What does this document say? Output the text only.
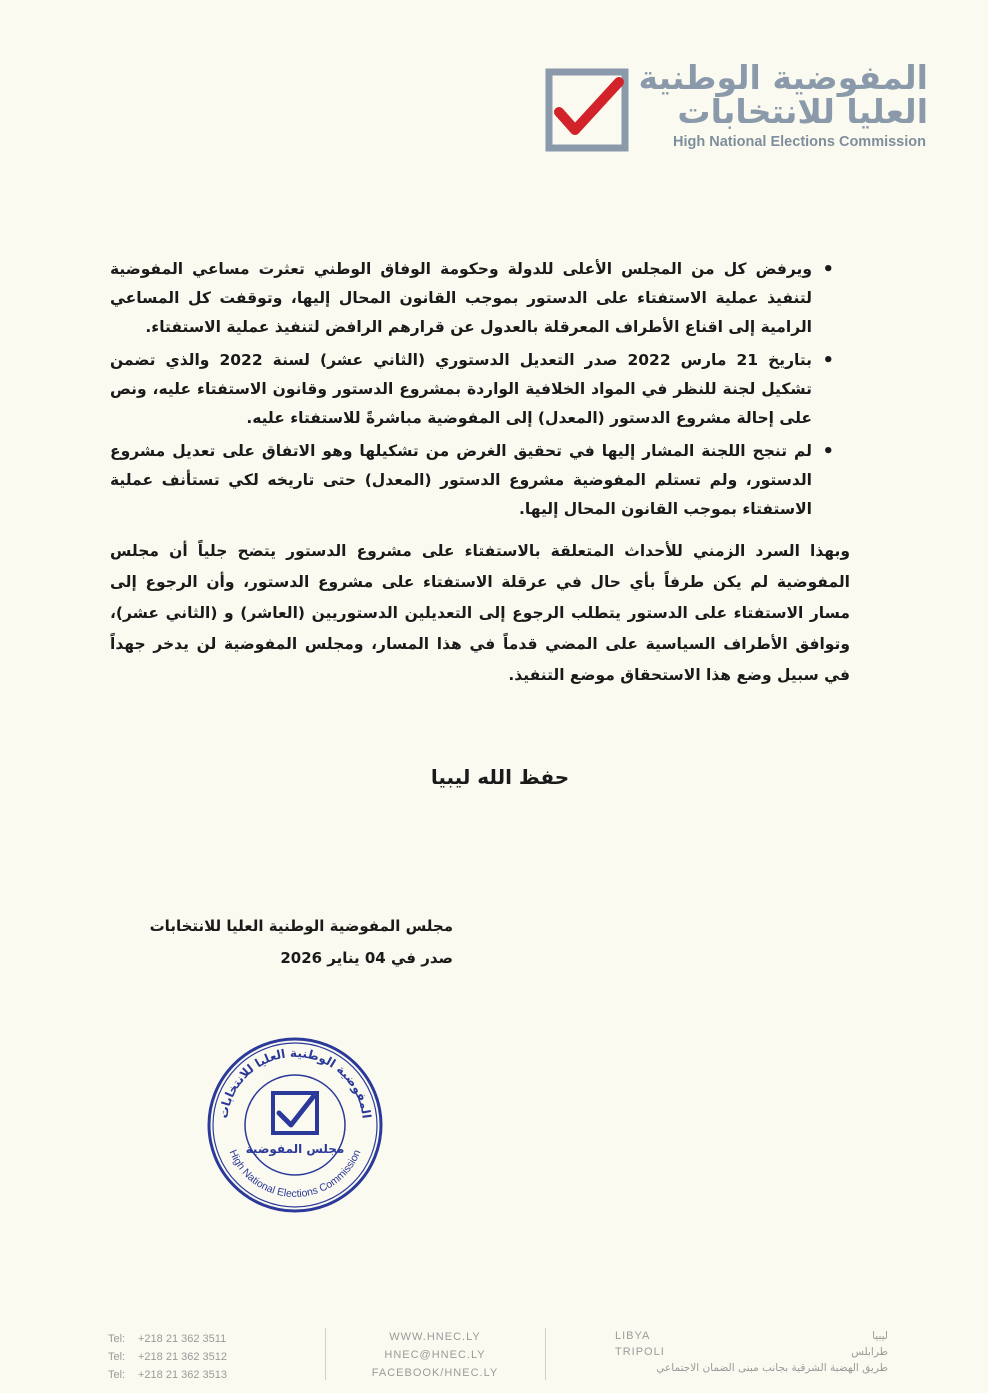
المفوضية الوطنية
العليا للانتخابات
High National Elections Commission
• ويرفض كل من المجلس الأعلى للدولة وحكومة الوفاق الوطني تعثرت مساعي المفوضية لتنفيذ عملية الاستفتاء على الدستور بموجب القانون المحال إليها، وتوقفت كل المساعي الرامية إلى اقناع الأطراف المعرقلة بالعدول عن قرارهم الرافض لتنفيذ عملية الاستفتاء.
• بتاريخ 21 مارس 2022 صدر التعديل الدستوري (الثاني عشر) لسنة 2022 والذي تضمن تشكيل لجنة للنظر في المواد الخلافية الواردة بمشروع الدستور وقانون الاستفتاء عليه، ونص على إحالة مشروع الدستور (المعدل) إلى المفوضية مباشرةً للاستفتاء عليه.
• لم تنجح اللجنة المشار إليها في تحقيق الغرض من تشكيلها وهو الاتفاق على تعديل مشروع الدستور، ولم تستلم المفوضية مشروع الدستور (المعدل) حتى تاريخه لكي تستأنف عملية الاستفتاء بموجب القانون المحال إليها.

وبهذا السرد الزمني للأحداث المتعلقة بالاستفتاء على مشروع الدستور يتضح جلياً أن مجلس المفوضية لم يكن طرفاً بأي حال في عرقلة الاستفتاء على مشروع الدستور، وأن الرجوع إلى مسار الاستفتاء على الدستور يتطلب الرجوع إلى التعديلين الدستوريين (العاشر) و (الثاني عشر)، وتوافق الأطراف السياسية على المضي قدماً في هذا المسار، ومجلس المفوضية لن يدخر جهداً في سبيل وضع هذا الاستحقاق موضع التنفيذ.

حفظ الله ليبيا
مجلس المفوضية الوطنية العليا للانتخابات
صدر في 04 يناير 2026
المفوضية الوطنية العليا للانتخابات
High National Elections Commission
مجلس المفوضية
Tel: +218 21 362 3511
Tel: +218 21 362 3512
Tel: +218 21 362 3513
WWW.HNEC.LY
HNEC@HNEC.LY
FACEBOOK/HNEC.LY
LIBYA
TRIPOLI
ليبيا
طرابلس
طريق الهضبة الشرقية بجانب مبنى الضمان الاجتماعي
